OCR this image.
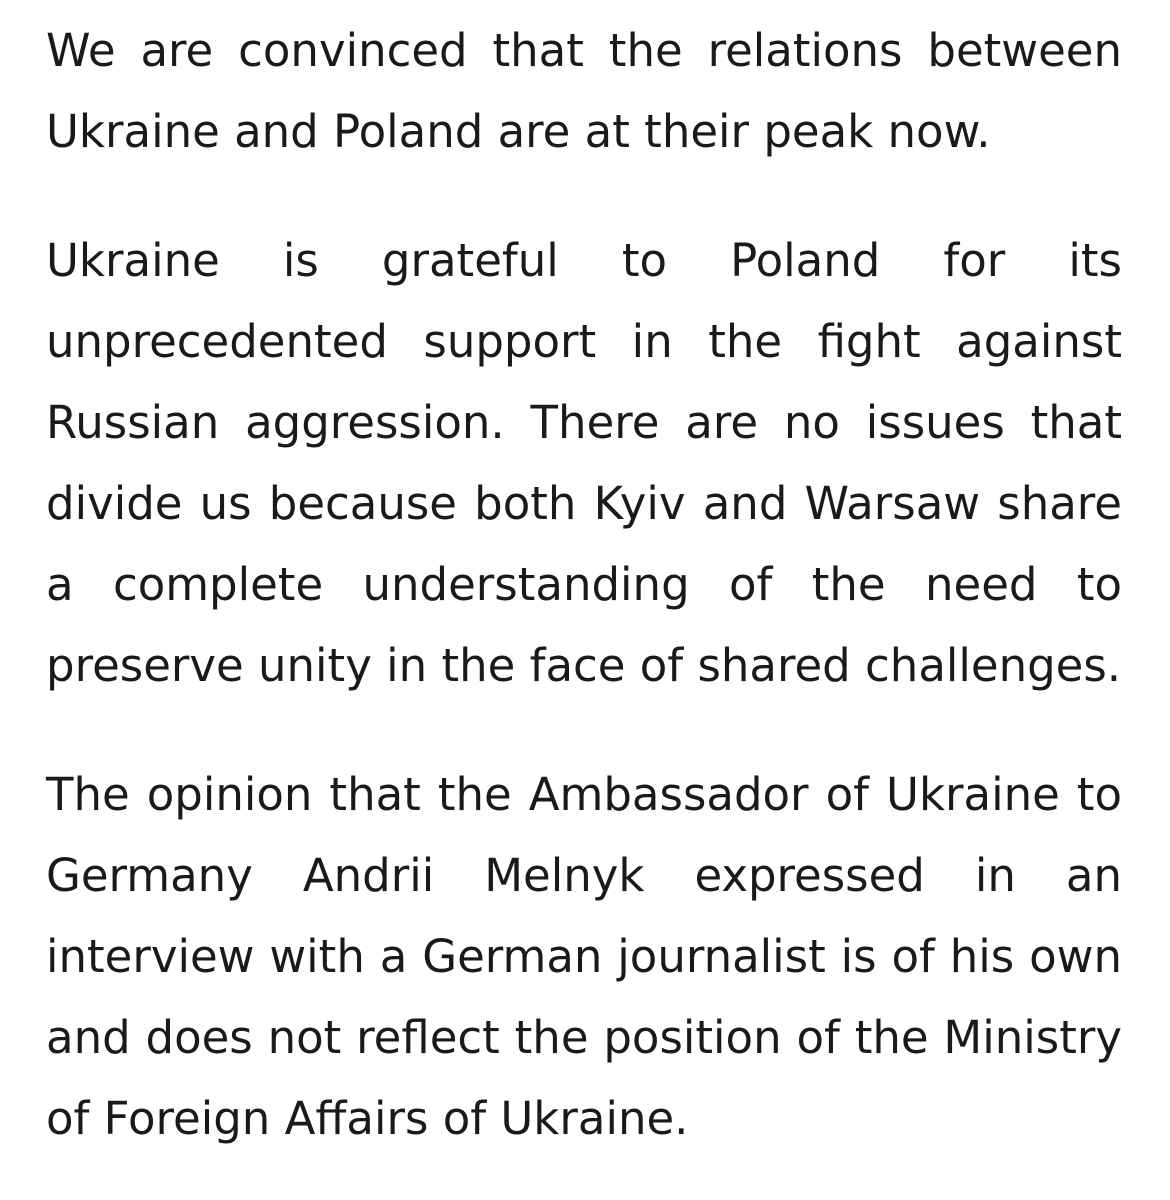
We are convinced that the relations between Ukraine and Poland are at their peak now.

Ukraine is grateful to Poland for its unprecedented support in the fight against Russian aggression. There are no issues that divide us because both Kyiv and Warsaw share a complete understanding of the need to preserve unity in the face of shared challenges.

The opinion that the Ambassador of Ukraine to Germany Andrii Melnyk expressed in an interview with a German journalist is of his own and does not reflect the position of the Ministry of Foreign Affairs of Ukraine.
